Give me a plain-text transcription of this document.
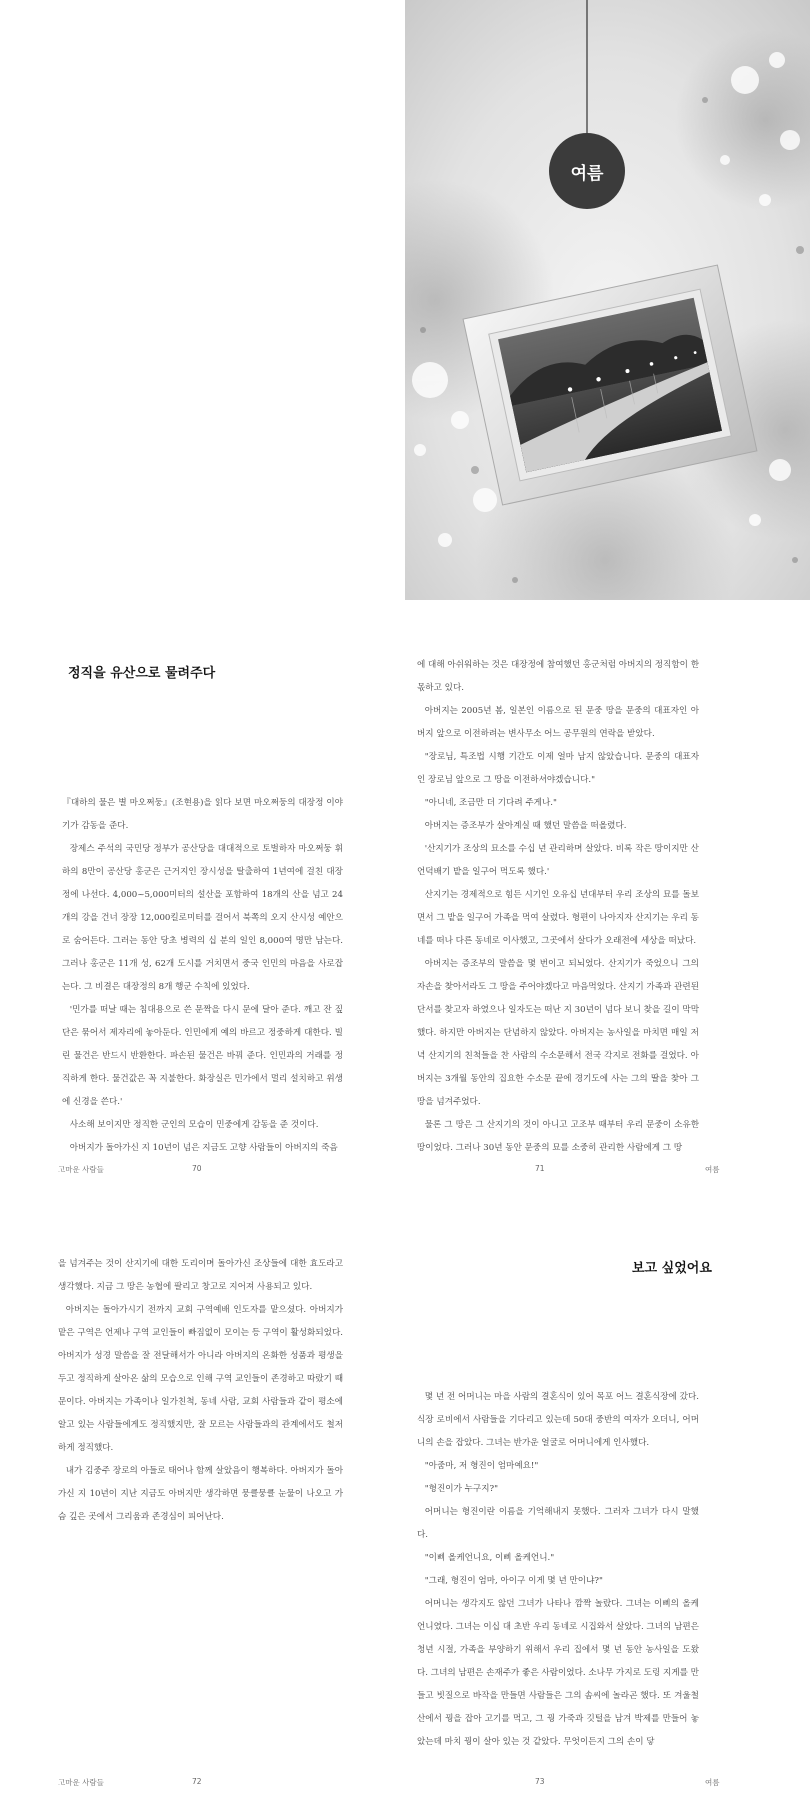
여름
정직을 유산으로 물려주다

『대하의 물은 별 마오쩌둥』(조현용)을 읽다 보면 마오쩌둥의 대장정 이야기가 감동을 준다.

장제스 주석의 국민당 정부가 공산당을 대대적으로 토벌하자 마오쩌둥 휘하의 8만이 공산당 홍군은 근거지인 장시성을 탈출하여 1년여에 걸친 대장정에 나선다. 4,000~5,000미터의 설산을 포함하여 18개의 산을 넘고 24개의 강을 건너 장장 12,000킬로미터를 걸어서 북쪽의 오지 산시성 예안으로 숨어든다. 그러는 동안 당초 병력의 십 분의 일인 8,000여 명만 남는다. 그러나 홍군은 11개 성, 62개 도시를 거치면서 중국 인민의 마음을 사로잡는다. 그 비결은 대장정의 8개 행군 수칙에 있었다.

'민가를 떠날 때는 침대용으로 쓴 문짝을 다시 문에 달아 준다. 깨고 잔 짚단은 묶어서 제자리에 놓아둔다. 인민에게 예의 바르고 정중하게 대한다. 빌린 물건은 반드시 반환한다. 파손된 물건은 바꿔 준다. 인민과의 거래를 정직하게 한다. 물건값은 꼭 지불한다. 화장실은 민가에서 멀리 설치하고 위생에 신경을 쓴다.'

사소해 보이지만 정직한 군인의 모습이 민중에게 감동을 준 것이다.

아버지가 돌아가신 지 10년이 넘은 지금도 고향 사람들이 아버지의 죽음

고마운 사람들	70

에 대해 아쉬워하는 것은 대장정에 참여했던 홍군처럼 아버지의 정직함이 한몫하고 있다.

아버지는 2005년 봄, 일본인 이름으로 된 문중 땅을 문중의 대표자인 아버지 앞으로 이전하려는 변사무소 어느 공무원의 연락을 받았다.

"장로님, 특조법 시행 기간도 이제 얼마 남지 않았습니다. 문중의 대표자인 장로님 앞으로 그 땅을 이전하셔야겠습니다."

"아니네, 조금만 더 기다려 주게나."

아버지는 증조부가 살아계실 때 했던 말씀을 떠올렸다.

'산지기가 조상의 묘소를 수십 년 관리하며 살았다. 비록 작은 땅이지만 산 언덕배기 밭을 일구어 먹도록 했다.'

산지기는 경제적으로 힘든 시기인 오유십 년대부터 우리 조상의 묘를 돌보면서 그 밭을 일구어 가족을 먹여 살렸다. 형편이 나아지자 산지기는 우리 동네를 떠나 다른 동네로 이사했고, 그곳에서 살다가 오래전에 세상을 떠났다.

아버지는 증조부의 말씀을 몇 번이고 되뇌었다. 산지기가 죽었으니 그의 자손을 찾아서라도 그 땅을 주어야겠다고 마음먹었다. 산지기 가족과 관련된 단서를 찾고자 하였으나 일자도는 떠난 지 30년이 넘다 보니 찾을 길이 막막했다. 하지만 아버지는 단념하지 않았다. 아버지는 농사일을 마치면 매일 저녁 산지기의 친척들을 찬 사람의 수소문해서 전국 각지로 전화를 걸었다. 아버지는 3개월 동안의 집요한 수소문 끝에 경기도에 사는 그의 딸을 찾아 그 땅을 넘겨주었다.

물론 그 땅은 그 산지기의 것이 아니고 고조부 때부터 우리 문중이 소유한 땅이었다. 그러나 30년 동안 문중의 묘를 소중히 관리한 사람에게 그 땅

71	여름

을 넘겨주는 것이 산지기에 대한 도리이며 돌아가신 조상들에 대한 효도라고 생각했다. 지금 그 땅은 농협에 팔리고 창고로 지어져 사용되고 있다.

아버지는 돌아가시기 전까지 교회 구역예배 인도자를 맡으셨다. 아버지가 맡은 구역은 언제나 구역 교인들이 빠짐없이 모이는 등 구역이 활성화되었다. 아버지가 성경 말씀을 잘 전달해서가 아니라 아버지의 온화한 성품과 평생을 두고 정직하게 살아온 삶의 모습으로 인해 구역 교인들이 존경하고 따랐기 때문이다. 아버지는 가족이나 일가친척, 동네 사람, 교회 사람들과 같이 평소에 알고 있는 사람들에게도 정직했지만, 잘 모르는 사람들과의 관계에서도 철저하게 정직했다.

내가 김중주 장로의 아들로 태어나 함께 살았음이 행복하다. 아버지가 돌아가신 지 10년이 지난 지금도 아버지만 생각하면 뭉클뭉클 눈물이 나오고 가슴 깊은 곳에서 그리움과 존경심이 피어난다.

고마운 사람들	72
보고 싶었어요

몇 년 전 어머니는 마을 사람의 결혼식이 있어 목포 어느 결혼식장에 갔다. 식장 로비에서 사람들을 기다리고 있는데 50대 중반의 여자가 오더니, 어머니의 손을 잡았다. 그녀는 반가운 얼굴로 어머니에게 인사했다.

"아줌마, 저 형진이 엄마예요!"

"형진이가 누구지?"

어머니는 형진이란 이름을 기억해내지 못했다. 그러자 그녀가 다시 말했다.

"이삐 올케언니요, 이삐 올케언니."

"그래, 형진이 엄마, 아이구 이게 몇 년 만이냐?"

어머니는 생각지도 않던 그녀가 나타나 깜짝 놀랐다. 그녀는 이삐의 올케언니였다. 그녀는 이십 대 초반 우리 동네로 시집와서 살았다. 그녀의 남편은 청년 시절, 가족을 부양하기 위해서 우리 집에서 몇 년 동안 농사일을 도왔다. 그녀의 남편은 손재주가 좋은 사람이었다. 소나무 가지로 도링 지게를 만들고 빗질으로 바작을 만들면 사람들은 그의 솜씨에 놀라곤 했다. 또 겨울철 산에서 꿩을 잡아 고기를 먹고, 그 꿩 가죽과 깃털을 남겨 박제를 만들어 놓았는데 마치 꿩이 살아 있는 것 같았다. 무엇이든지 그의 손이 닿

73	여름
